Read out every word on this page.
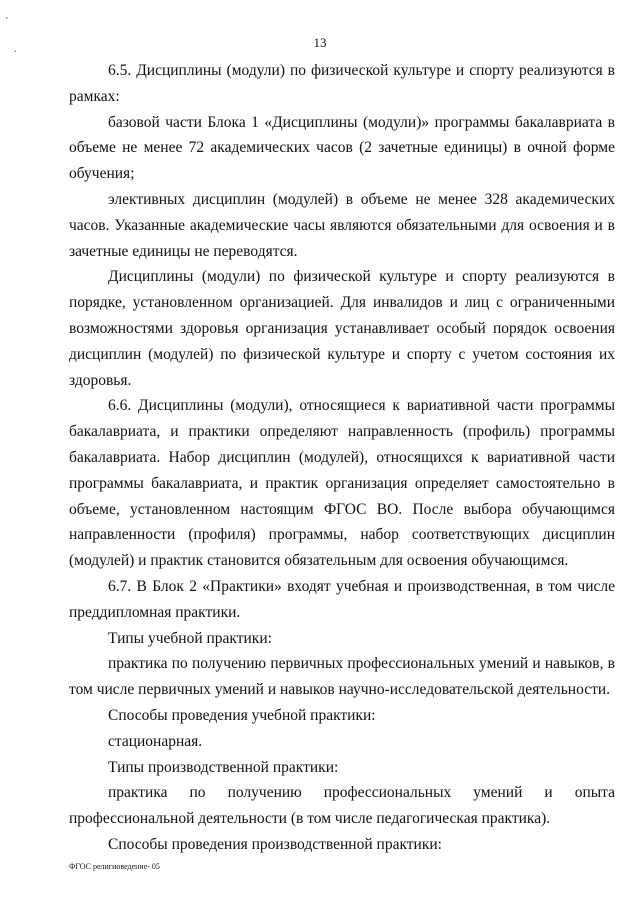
13
'
.

6.5. Дисциплины (модули) по физической культуре и спорту реализуются в рамках:

базовой части Блока 1 «Дисциплины (модули)» программы бакалавриата в объеме не менее 72 академических часов (2 зачетные единицы) в очной форме обучения;

элективных дисциплин (модулей) в объеме не менее 328 академических часов. Указанные академические часы являются обязательными для освоения и в зачетные единицы не переводятся.

Дисциплины (модули) по физической культуре и спорту реализуются в порядке, установленном организацией. Для инвалидов и лиц с ограниченными возможностями здоровья организация устанавливает особый порядок освоения дисциплин (модулей) по физической культуре и спорту с учетом состояния их здоровья.

6.6. Дисциплины (модули), относящиеся к вариативной части программы бакалавриата, и практики определяют направленность (профиль) программы бакалавриата. Набор дисциплин (модулей), относящихся к вариативной части программы бакалавриата, и практик организация определяет самостоятельно в объеме, установленном настоящим ФГОС ВО. После выбора обучающимся направленности (профиля) программы, набор соответствующих дисциплин (модулей) и практик становится обязательным для освоения обучающимся.

6.7. В Блок 2 «Практики» входят учебная и производственная, в том числе преддипломная практики.

Типы учебной практики:

практика по получению первичных профессиональных умений и навыков, в том числе первичных умений и навыков научно-исследовательской деятельности.

Способы проведения учебной практики:

стационарная.

Типы производственной практики:

практика по получению профессиональных умений и опыта профессиональной деятельности (в том числе педагогическая практика).

Способы проведения производственной практики:

ФГОС религиоведение- 05
